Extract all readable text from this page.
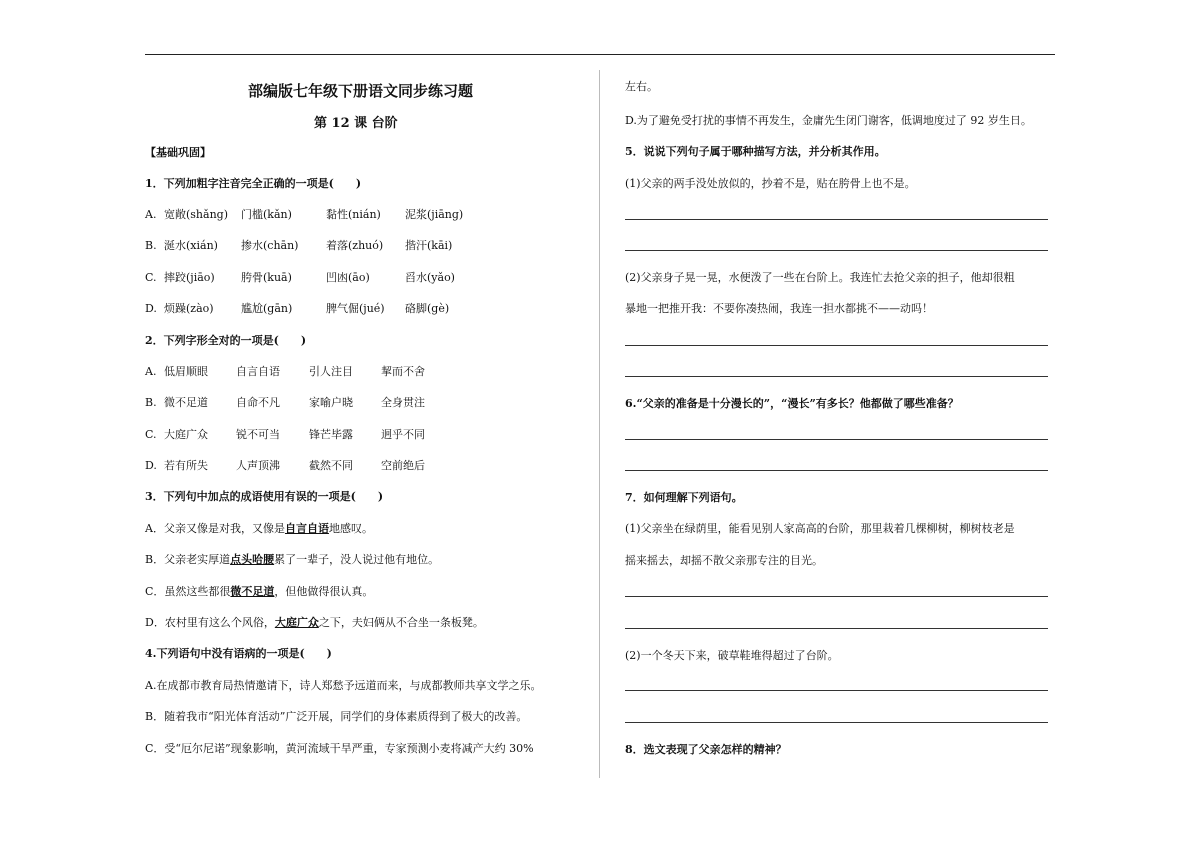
部编版七年级下册语文同步练习题
第 12 课 台阶
【基础巩固】
1．下列加粗字注音完全正确的一项是(　　)
A. 宽敞(shǎng) 门槛(kǎn)	黏性(nián) 泥浆(jiāng)
B. 涎水(xián) 掺水(chān)	着落(zhuó) 揩汗(kāi)
C. 摔跤(jiāo) 胯骨(kuā)	凹凼(āo)	舀水(yǎo)
D. 烦躁(zào) 尴尬(gān)	脾气倔(jué) 硌脚(gè)
2．下列字形全对的一项是(　　)
A. 低眉顺眼	自言自语	引人注目	挈而不舍
B. 微不足道	自命不凡	家喻户晓	全身贯注
C. 大庭广众	锐不可当	锋芒毕露	迥乎不同
D. 若有所失	人声顶沸	截然不同	空前绝后
3．下列句中加点的成语使用有误的一项是(　　)
A．父亲又像是对我，又像是自言自语地感叹。
B．父亲老实厚道点头哈腰累了一辈子，没人说过他有地位。
C．虽然这些都很微不足道，但他做得很认真。
D．农村里有这么个风俗，大庭广众之下，夫妇俩从不合坐一条板凳。
4.下列语句中没有语病的一项是(　　)
A.在成都市教育局热情邀请下，诗人郑愁予远道而来，与成都教师共享文学之乐。
B．随着我市“阳光体育活动”广泛开展，同学们的身体素质得到了极大的改善。
C．受“厄尔尼诺”现象影响，黄河流域干旱严重，专家预测小麦将减产大约 30%
左右。
D.为了避免受打扰的事情不再发生，金庸先生闭门谢客，低调地度过了 92 岁生日。
5．说说下列句子属于哪种描写方法，并分析其作用。
(1)父亲的两手没处放似的，抄着不是，贴在胯骨上也不是。
(2)父亲身子晃一晃，水便泼了一些在台阶上。我连忙去抢父亲的担子，他却很粗
暴地一把推开我：不要你凑热闹，我连一担水都挑不——动吗！
6.“父亲的准备是十分漫长的”，“漫长”有多长？他都做了哪些准备？
7．如何理解下列语句。
(1)父亲坐在绿荫里，能看见别人家高高的台阶，那里栽着几棵柳树，柳树枝老是
摇来摇去，却摇不散父亲那专注的目光。
(2)一个冬天下来，破草鞋堆得超过了台阶。
8．选文表现了父亲怎样的精神？
